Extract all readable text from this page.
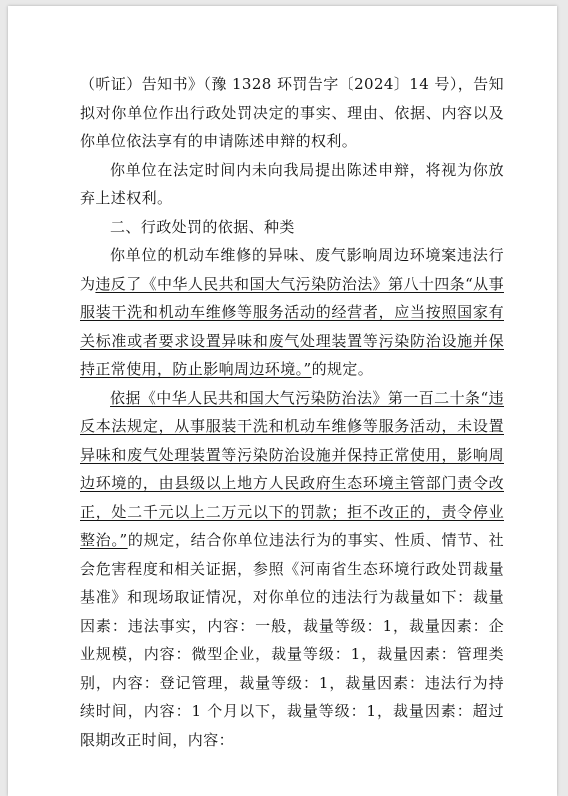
（听证）告知书》（豫 1328 环罚告字〔2024〕14 号），告知拟对你单位作出行政处罚决定的事实、理由、依据、内容以及你单位依法享有的申请陈述申辩的权利。

你单位在法定时间内未向我局提出陈述申辩，将视为你放弃上述权利。

二、行政处罚的依据、种类

你单位的机动车维修的异味、废气影响周边环境案违法行为违反了《中华人民共和国大气污染防治法》第八十四条“从事服装干洗和机动车维修等服务活动的经营者，应当按照国家有关标准或者要求设置异味和废气处理装置等污染防治设施并保持正常使用，防止影响周边环境。”的规定。

依据《中华人民共和国大气污染防治法》第一百二十条“违反本法规定，从事服装干洗和机动车维修等服务活动，未设置异味和废气处理装置等污染防治设施并保持正常使用，影响周边环境的，由县级以上地方人民政府生态环境主管部门责令改正，处二千元以上二万元以下的罚款；拒不改正的，责令停业整治。”的规定，结合你单位违法行为的事实、性质、情节、社会危害程度和相关证据，参照《河南省生态环境行政处罚裁量基准》和现场取证情况，对你单位的违法行为裁量如下：裁量因素：违法事实，内容：一般，裁量等级：1，裁量因素：企业规模，内容：微型企业，裁量等级：1，裁量因素：管理类别，内容：登记管理，裁量等级：1，裁量因素：违法行为持续时间，内容：1 个月以下，裁量等级：1，裁量因素：超过限期改正时间，内容：
